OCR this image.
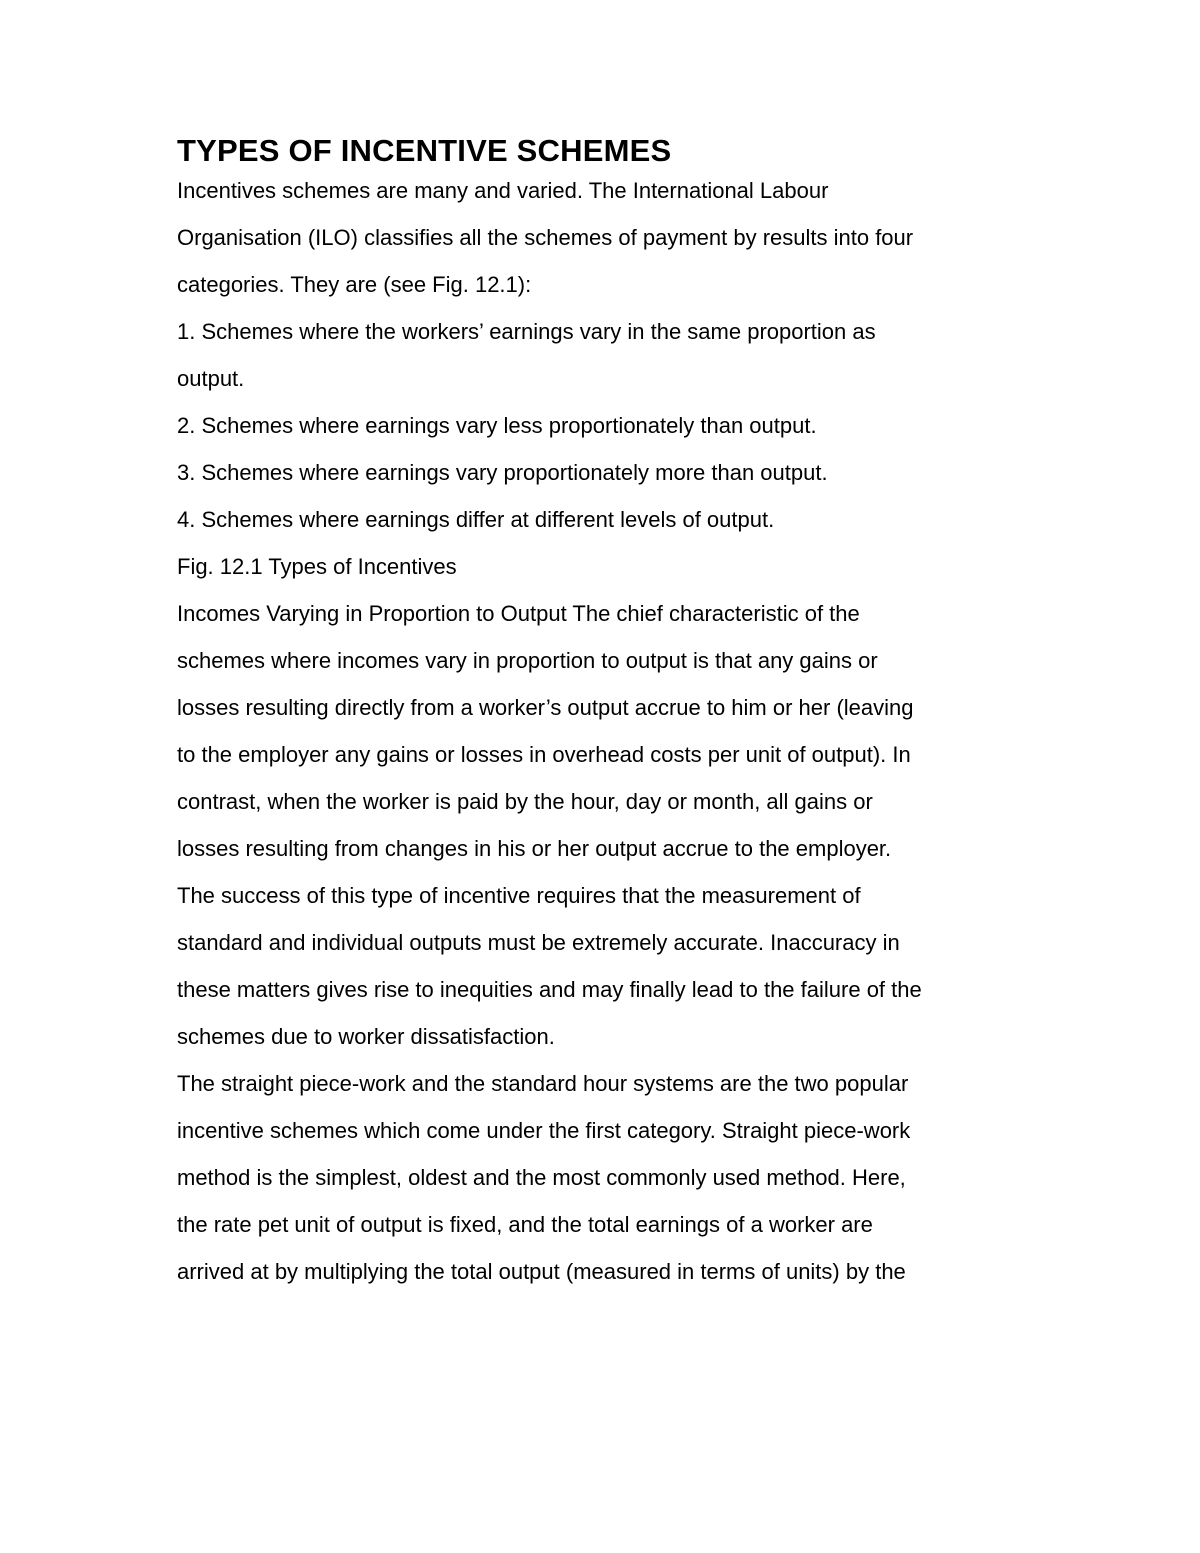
TYPES OF INCENTIVE SCHEMES

Incentives schemes are many and varied. The International Labour

Organisation (ILO) classifies all the schemes of payment by results into four

categories. They are (see Fig. 12.1):

1. Schemes where the workers’ earnings vary in the same proportion as

output.

2. Schemes where earnings vary less proportionately than output.

3. Schemes where earnings vary proportionately more than output.

4. Schemes where earnings differ at different levels of output.

Fig. 12.1 Types of Incentives

Incomes Varying in Proportion to Output The chief characteristic of the

schemes where incomes vary in proportion to output is that any gains or

losses resulting directly from a worker’s output accrue to him or her (leaving

to the employer any gains or losses in overhead costs per unit of output). In

contrast, when the worker is paid by the hour, day or month, all gains or

losses resulting from changes in his or her output accrue to the employer.

The success of this type of incentive requires that the measurement of

standard and individual outputs must be extremely accurate. Inaccuracy in

these matters gives rise to inequities and may finally lead to the failure of the

schemes due to worker dissatisfaction.

The straight piece-work and the standard hour systems are the two popular

incentive schemes which come under the first category. Straight piece-work

method is the simplest, oldest and the most commonly used method. Here,

the rate pet unit of output is fixed, and the total earnings of a worker are

arrived at by multiplying the total output (measured in terms of units) by the
